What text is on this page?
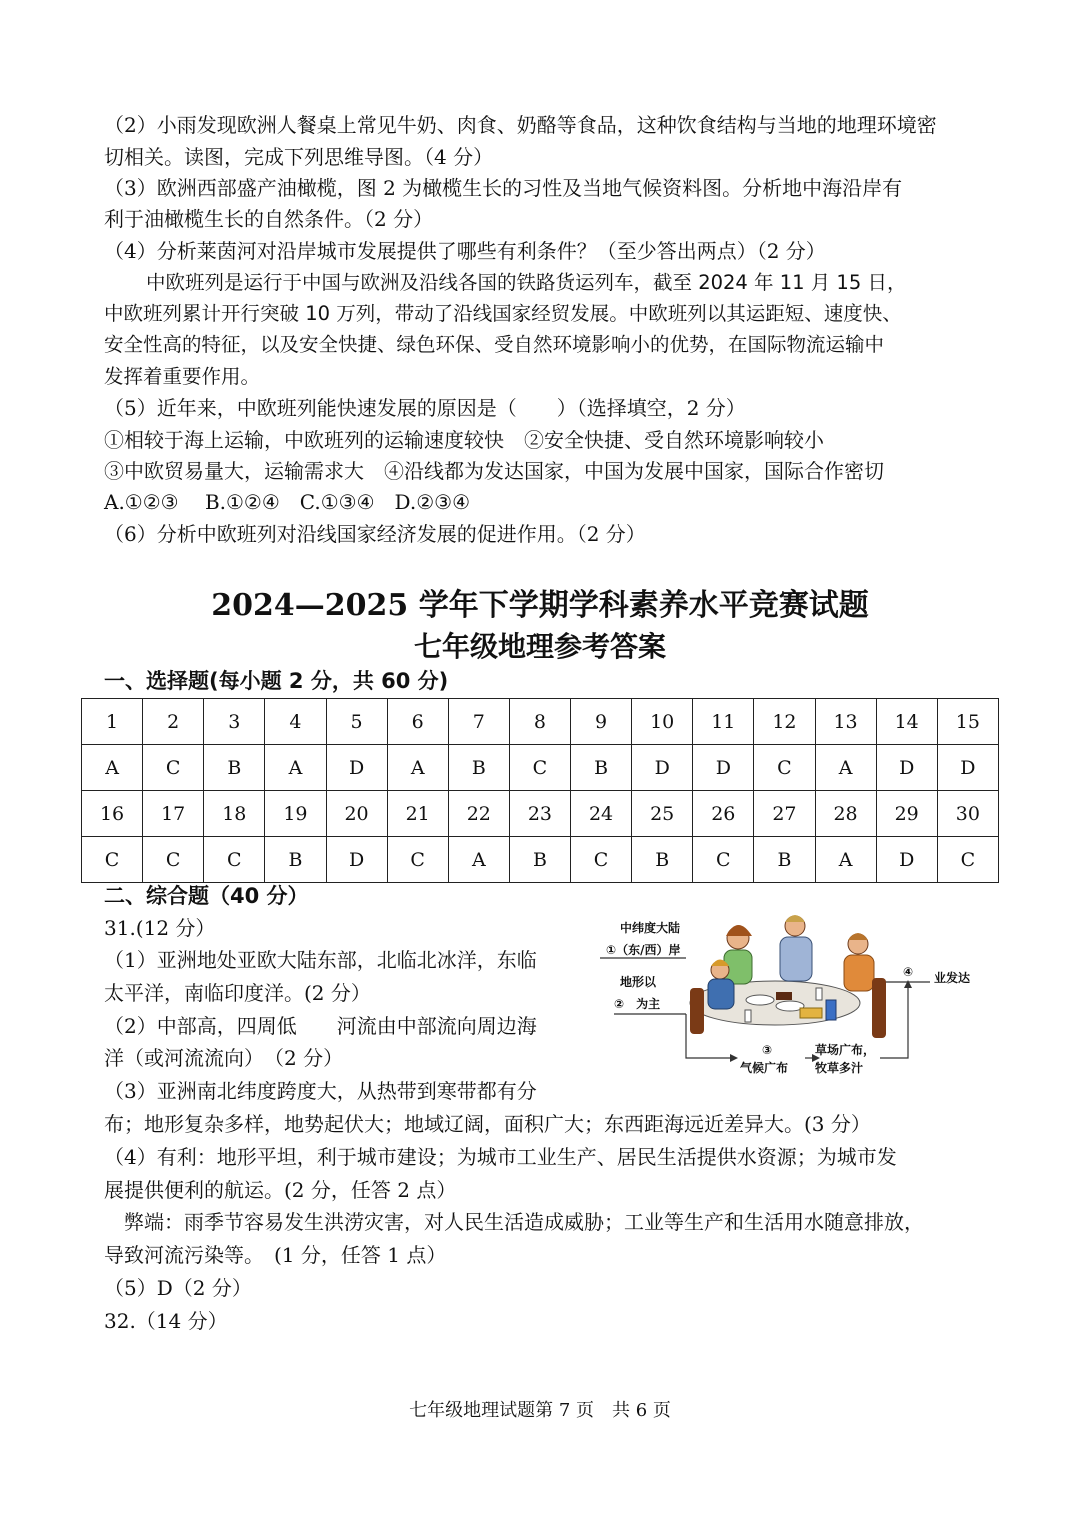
（2）小雨发现欧洲人餐桌上常见牛奶、肉食、奶酪等食品，这种饮食结构与当地的地理环境密
切相关。读图，完成下列思维导图。（4 分）
（3）欧洲西部盛产油橄榄，图 2 为橄榄生长的习性及当地气候资料图。分析地中海沿岸有
利于油橄榄生长的自然条件。（2 分）
（4）分析莱茵河对沿岸城市发展提供了哪些有利条件？（至少答出两点）（2 分）
中欧班列是运行于中国与欧洲及沿线各国的铁路货运列车，截至 2024 年 11 月 15 日，
中欧班列累计开行突破 10 万列，带动了沿线国家经贸发展。中欧班列以其运距短、速度快、
安全性高的特征，以及安全快捷、绿色环保、受自然环境影响小的优势，在国际物流运输中
发挥着重要作用。
（5）近年来，中欧班列能快速发展的原因是（　　）（选择填空，2 分）
①相较于海上运输，中欧班列的运输速度较快　②安全快捷、受自然环境影响较小
③中欧贸易量大，运输需求大　④沿线都为发达国家，中国为发展中国家，国际合作密切
A.①②③　 B.①②④　C.①③④　D.②③④
（6）分析中欧班列对沿线国家经济发展的促进作用。（2 分）
2024—2025 学年下学期学科素养水平竞赛试题
七年级地理参考答案
一、选择题(每小题 2 分，共 60 分)
1	2	3	4	5	6	7	8	9	10	11	12	13	14	15
A	C	B	A	D	A	B	C	B	D	D	C	A	D	D
16	17	18	19	20	21	22	23	24	25	26	27	28	29	30
C	C	C	B	D	C	A	B	C	B	C	B	A	D	C
二、综合题（40 分）
31.(12 分）
（1）亚洲地处亚欧大陆东部，北临北冰洋，东临
太平洋，南临印度洋。(2 分）
（2）中部高，四周低　　河流由中部流向周边海
洋（或河流流向）　（2 分）
（3）亚洲南北纬度跨度大，从热带到寒带都有分
布；地形复杂多样，地势起伏大；地域辽阔，面积广大；东西距海远近差异大。(3 分）
（4）有利：地形平坦，利于城市建设；为城市工业生产、居民生活提供水资源；为城市发
展提供便利的航运。(2 分，任答 2 点）
　弊端：雨季节容易发生洪涝灾害，对人民生活造成威胁；工业等生产和生活用水随意排放，
导致河流污染等。　(1 分，任答 1 点）
（5）D（2 分）
32.（14 分）
中纬度大陆
①（东/西）岸
地形以
②　为主
③
气候广布
草场广布，
牧草多汁
④ 业发达
七年级地理试题第 7 页　共 6 页
